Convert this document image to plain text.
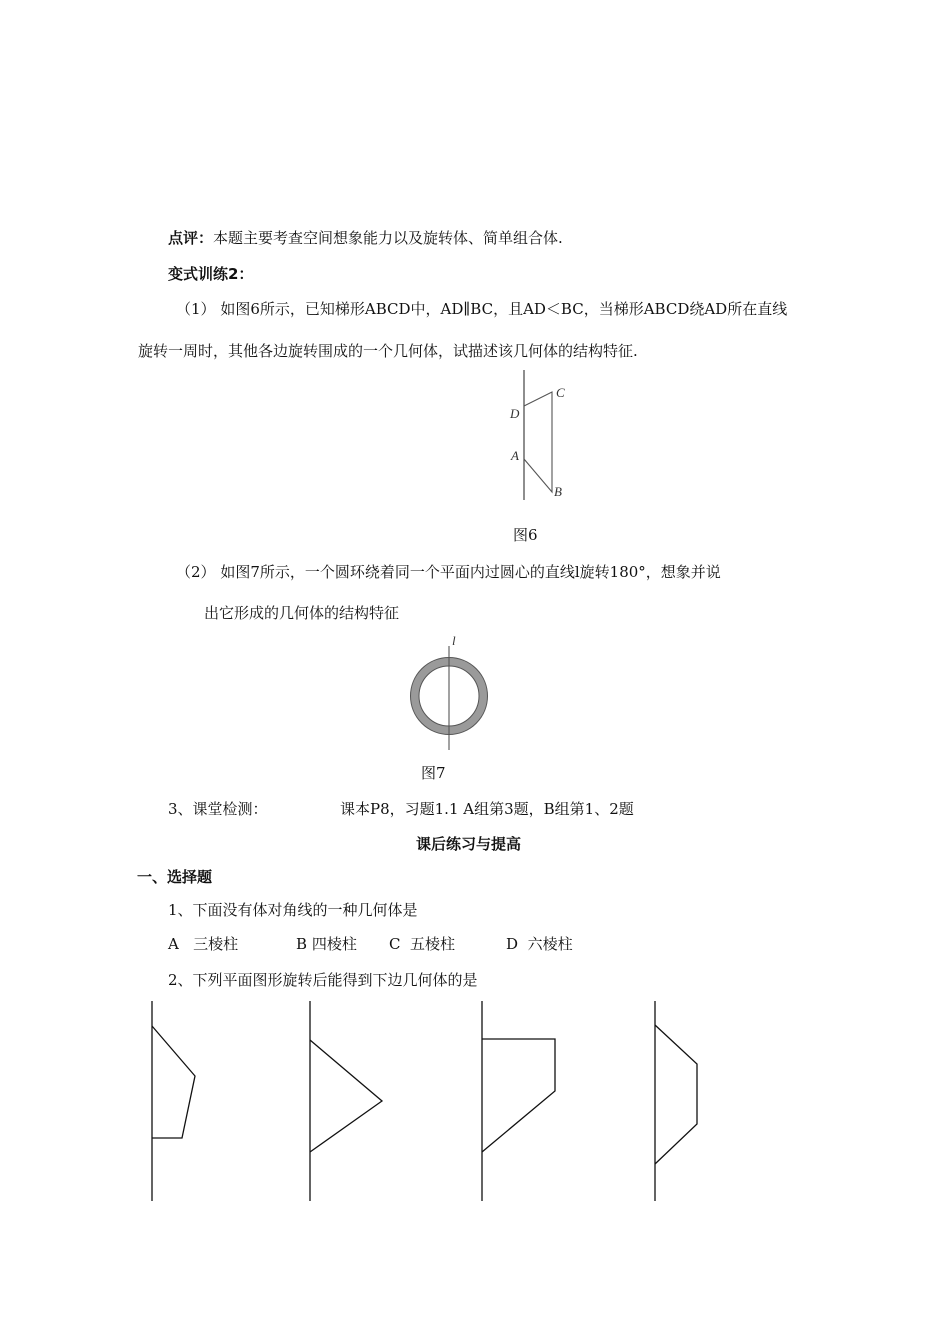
点评：本题主要考查空间想象能力以及旋转体、简单组合体.
变式训练2：
（1） 如图6所示，已知梯形ABCD中，AD∥BC，且AD＜BC，当梯形ABCD绕AD所在直线
旋转一周时，其他各边旋转围成的一个几何体，试描述该几何体的结构特征.
D
C
A
B
图6
（2） 如图7所示，一个圆环绕着同一个平面内过圆心的直线l旋转180°，想象并说
出它形成的几何体的结构特征
l
图7
3、课堂检测：	课本P8，习题1.1 A组第3题，B组第1、2题
课后练习与提高
一、选择题
1、下面没有体对角线的一种几何体是
A 三棱柱	B 四棱柱 C 五棱柱	D 六棱柱
2、下列平面图形旋转后能得到下边几何体的是
